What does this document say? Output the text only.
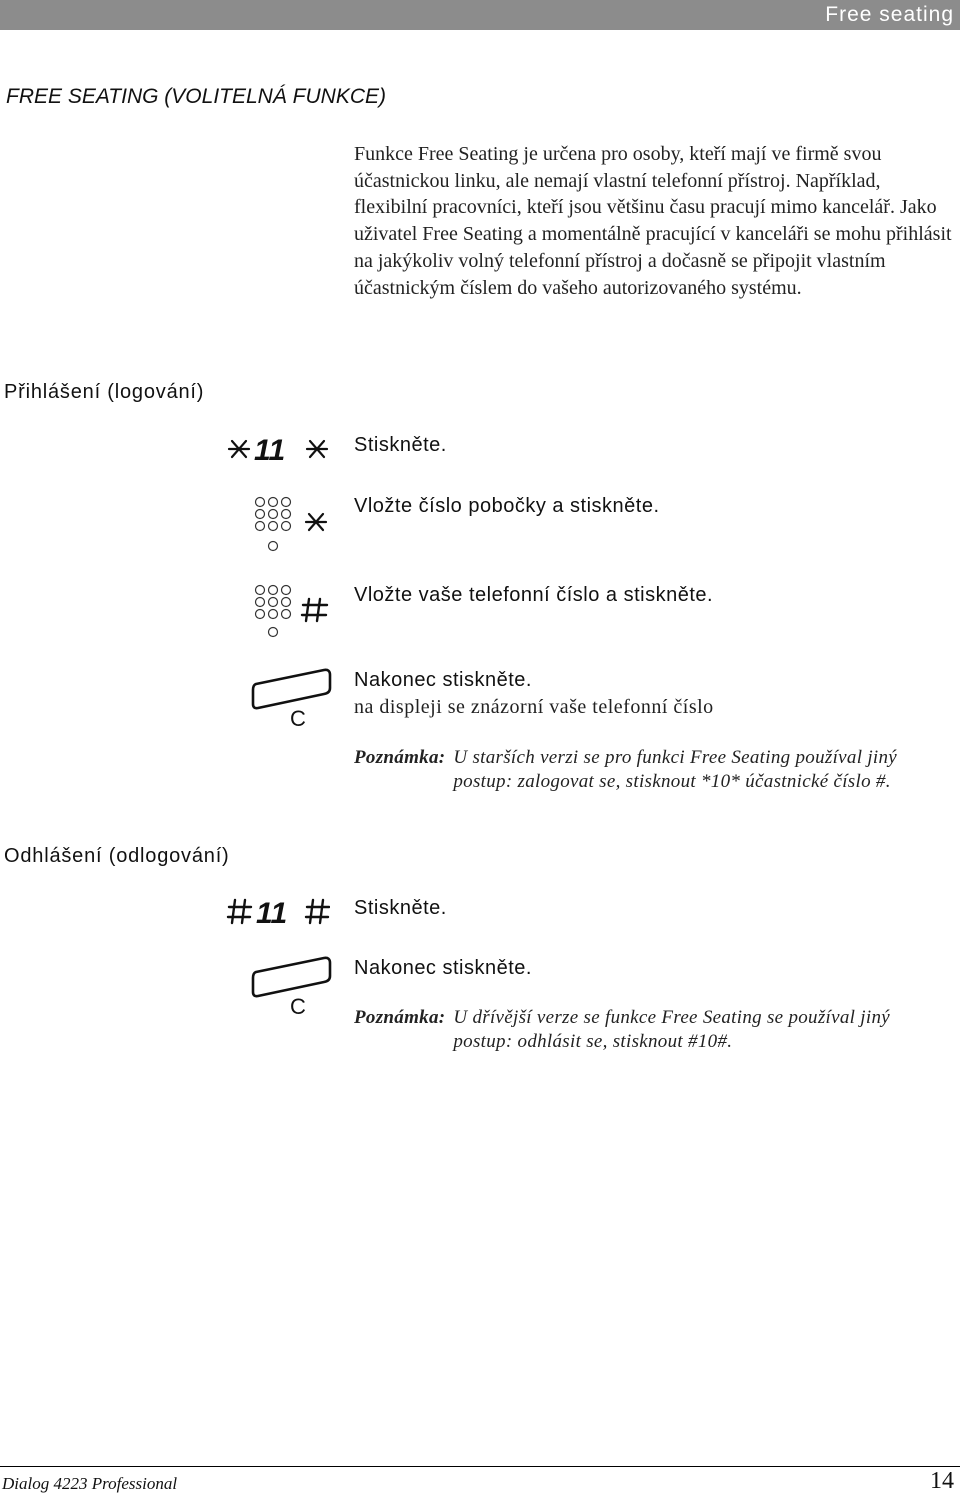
Free seating
FREE SEATING (VOLITELNÁ FUNKCE)

Funkce Free Seating je určena pro osoby, kteří mají ve firmě svou účastnickou linku, ale nemají vlastní telefonní přístroj. Například, flexibilní pracovníci, kteří jsou většinu času pracují mimo kancelář. Jako uživatel Free Seating a momentálně pracující v kanceláři se mohu přihlásit na jakýkoliv volný telefonní přístroj a dočasně se připojit vlastním účastnickým číslem do vašeho autorizovaného systému.

Přihlášení (logování)
11	Stiskněte.
Vložte číslo pobočky a stiskněte.
Vložte vaše telefonní číslo a stiskněte.
C
Nakonec stiskněte.
na displeji se znázorní vaše telefonní číslo
Poznámka: U starších verzi se pro funkci Free Seating používal jiný postup: zalogovat se, stisknout *10* účastnické číslo #.
Odhlášení (odlogování)
11	Stiskněte.
C
Nakonec stiskněte.
Poznámka: U dřívější verze se funkce Free Seating se používal jiný postup: odhlásit se, stisknout #10#.
Dialog 4223 Professional	14
